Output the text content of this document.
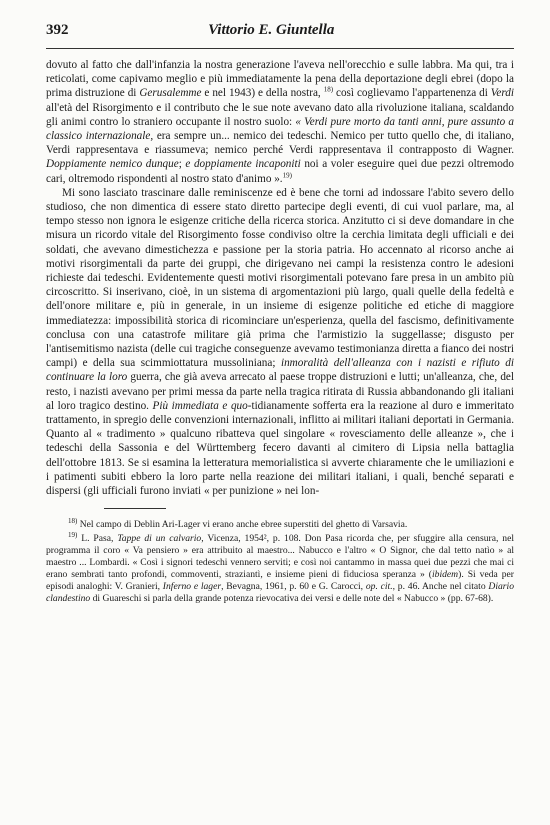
392	Vittorio E. Giuntella

dovuto al fatto che dall'infanzia la nostra generazione l'aveva nell'orecchio e sulle labbra. Ma qui, tra i reticolati, come capivamo meglio e più immediatamente la pena della deportazione degli ebrei (dopo la prima distruzione di Gerusalemme e nel 1943) e della nostra, $^{18)}$ così coglievamo l'appartenenza di Verdi all'età del Risorgimento e il contributo che le sue note avevano dato alla rivoluzione italiana, scaldando gli animi contro lo straniero occupante il nostro suolo: « Verdi pure morto da tanti anni, pure assunto a classico internazionale, era sempre un... nemico dei tedeschi. Nemico per tutto quello che, di italiano, Verdi rappresentava e riassumeva; nemico perché Verdi rappresentava il contrapposto di Wagner. Doppiamente nemico dunque; e doppiamente incaponiti noi a voler eseguire quei due pezzi oltremodo cari, oltremodo rispondenti al nostro stato d'animo ».$^{19)}$

Mi sono lasciato trascinare dalle reminiscenze ed è bene che torni ad indossare l'abito severo dello studioso, che non dimentica di essere stato diretto partecipe degli eventi, di cui vuol parlare, ma, al tempo stesso non ignora le esigenze critiche della ricerca storica. Anzitutto ci si deve domandare in che misura un ricordo vitale del Risorgimento fosse condiviso oltre la cerchia limitata degli ufficiali e dei soldati, che avevano dimestichezza e passione per la storia patria. Ho accennato al ricorso anche ai motivi risorgimentali da parte dei gruppi, che dirigevano nei campi la resistenza contro le adesioni richieste dai tedeschi. Evidentemente questi motivi risorgimentali potevano fare presa in un ambito più circoscritto. Si inserivano, cioè, in un sistema di argomentazioni più largo, quali quelle della fedeltà e dell'onore militare e, più in generale, in un insieme di esigenze politiche ed etiche di maggiore immediatezza: impossibilità storica di ricominciare un'esperienza, quella del fascismo, definitivamente conclusa con una catastrofe militare già prima che l'armistizio la suggellasse; disgusto per l'antisemitismo nazista (delle cui tragiche conseguenze avevamo testimonianza diretta a fianco dei nostri campi) e della sua scimmiottatura mussoliniana; inmoralità dell'alleanza con i nazisti e rifiuto di continuare la loro guerra, che già aveva arrecato al paese troppe distruzioni e lutti; un'alleanza, che, del resto, i nazisti avevano per primi messa da parte nella tragica ritirata di Russia abbandonando gli italiani al loro tragico destino. Più immediata e quo-tidianamente sofferta era la reazione al duro e immeritato trattamento, in spregio delle convenzioni internazionali, inflitto ai militari italiani deportati in Germania. Quanto al « tradimento » qualcuno ribatteva quel singolare « rovesciamento delle alleanze », che i tedeschi della Sassonia e del Württemberg fecero davanti al cimitero di Lipsia nella battaglia dell'ottobre 1813. Se si esamina la letteratura memorialistica si avverte chiaramente che le umiliazioni e i patimenti subiti ebbero la loro parte nella reazione dei militari italiani, i quali, benché separati e dispersi (gli ufficiali furono inviati « per punizione » nei lon-

$^{18)}$ Nel campo di Deblin Ari-Lager vi erano anche ebree superstiti del ghetto di Varsavia.

$^{19)}$ L. Pasa, Tappe di un calvario, Vicenza, 1954², p. 108. Don Pasa ricorda che, per sfuggire alla censura, nel programma il coro « Va pensiero » era attribuito al maestro... Nabucco e l'altro « O Signor, che dal tetto natìo » al maestro ... Lombardi. « Così i signori tedeschi vennero serviti; e così noi cantammo in massa quei due pezzi che mai ci erano sembrati tanto profondi, commoventi, straziantì, e insieme pieni di fiduciosa speranza » (ibidem). Si veda per episodi analoghi: V. Granieri, Inferno e lager, Bevagna, 1961, p. 60 e G. Carocci, op. cit., p. 46. Anche nel citato Diario clandestino di Guareschi si parla della grande potenza rievocativa dei versi e delle note del « Nabucco » (pp. 67-68).
